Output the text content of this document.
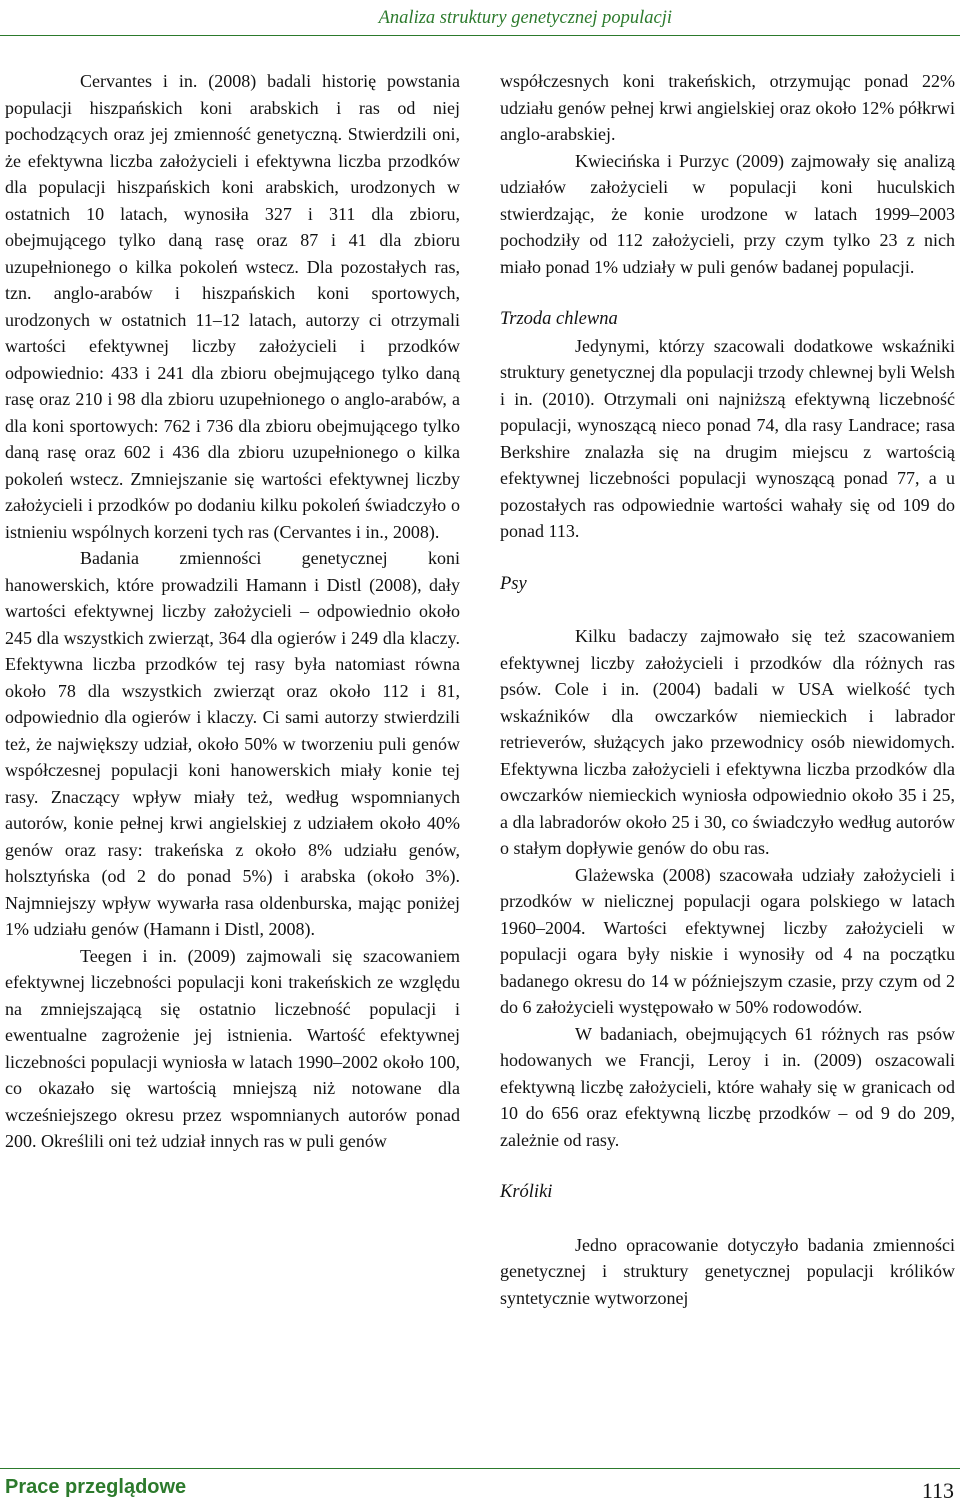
Analiza struktury genetycznej populacji

Cervantes i in. (2008) badali historię powstania populacji hiszpańskich koni arabskich i ras od niej pochodzących oraz jej zmienność genetyczną. Stwierdzili oni, że efektywna liczba założycieli i efektywna liczba przodków dla populacji hiszpańskich koni arabskich, urodzonych w ostatnich 10 latach, wynosiła 327 i 311 dla zbioru, obejmującego tylko daną rasę oraz 87 i 41 dla zbioru uzupełnionego o kilka pokoleń wstecz. Dla pozostałych ras, tzn. anglo-arabów i hiszpańskich koni sportowych, urodzonych w ostatnich 11–12 latach, autorzy ci otrzymali wartości efektywnej liczby założycieli i przodków odpowiednio: 433 i 241 dla zbioru obejmującego tylko daną rasę oraz 210 i 98 dla zbioru uzupełnionego o anglo-arabów, a dla koni sportowych: 762 i 736 dla zbioru obejmującego tylko daną rasę oraz 602 i 436 dla zbioru uzupełnionego o kilka pokoleń wstecz. Zmniejszanie się wartości efektywnej liczby założycieli i przodków po dodaniu kilku pokoleń świadczyło o istnieniu wspólnych korzeni tych ras (Cervantes i in., 2008).

Badania zmienności genetycznej koni hanowerskich, które prowadzili Hamann i Distl (2008), dały wartości efektywnej liczby założycieli – odpowiednio około 245 dla wszystkich zwierząt, 364 dla ogierów i 249 dla klaczy. Efektywna liczba przodków tej rasy była natomiast równa około 78 dla wszystkich zwierząt oraz około 112 i 81, odpowiednio dla ogierów i klaczy. Ci sami autorzy stwierdzili też, że największy udział, około 50% w tworzeniu puli genów współczesnej populacji koni hanowerskich miały konie tej rasy. Znaczący wpływ miały też, według wspomnianych autorów, konie pełnej krwi angielskiej z udziałem około 40% genów oraz rasy: trakeńska z około 8% udziału genów, holsztyńska (od 2 do ponad 5%) i arabska (około 3%). Najmniejszy wpływ wywarła rasa oldenburska, mając poniżej 1% udziału genów (Hamann i Distl, 2008).

Teegen i in. (2009) zajmowali się szacowaniem efektywnej liczebności populacji koni trakeńskich ze względu na zmniejszającą się ostatnio liczebność populacji i ewentualne zagrożenie jej istnienia. Wartość efektywnej liczebności populacji wyniosła w latach 1990–2002 około 100, co okazało się wartością mniejszą niż notowane dla wcześniejszego okresu przez wspomnianych autorów ponad 200. Określili oni też udział innych ras w puli genów

współczesnych koni trakeńskich, otrzymując ponad 22% udziału genów pełnej krwi angielskiej oraz około 12% półkrwi anglo-arabskiej.

Kwiecińska i Purzyc (2009) zajmowały się analizą udziałów założycieli w populacji koni huculskich stwierdzając, że konie urodzone w latach 1999–2003 pochodziły od 112 założycieli, przy czym tylko 23 z nich miało ponad 1% udziały w puli genów badanej populacji.

Trzoda chlewna

Jedynymi, którzy szacowali dodatkowe wskaźniki struktury genetycznej dla populacji trzody chlewnej byli Welsh i in. (2010). Otrzymali oni najniższą efektywną liczebność populacji, wynoszącą nieco ponad 74, dla rasy Landrace; rasa Berkshire znalazła się na drugim miejscu z wartością efektywnej liczebności populacji wynoszącą ponad 77, a u pozostałych ras odpowiednie wartości wahały się od 109 do ponad 113.

Psy

Kilku badaczy zajmowało się też szacowaniem efektywnej liczby założycieli i przodków dla różnych ras psów. Cole i in. (2004) badali w USA wielkość tych wskaźników dla owczarków niemieckich i labrador retrieverów, służących jako przewodnicy osób niewidomych. Efektywna liczba założycieli i efektywna liczba przodków dla owczarków niemieckich wyniosła odpowiednio około 35 i 25, a dla labradorów około 25 i 30, co świadczyło według autorów o stałym dopływie genów do obu ras.

Glażewska (2008) szacowała udziały założycieli i przodków w nielicznej populacji ogara polskiego w latach 1960–2004. Wartości efektywnej liczby założycieli w populacji ogara były niskie i wynosiły od 4 na początku badanego okresu do 14 w późniejszym czasie, przy czym od 2 do 6 założycieli występowało w 50% rodowodów.

W badaniach, obejmujących 61 różnych ras psów hodowanych we Francji, Leroy i in. (2009) oszacowali efektywną liczbę założycieli, które wahały się w granicach od 10 do 656 oraz efektywną liczbę przodków – od 9 do 209, zależnie od rasy.

Króliki

Jedno opracowanie dotyczyło badania zmienności genetycznej i struktury genetycznej populacji królików syntetycznie wytworzonej

Prace przeglądowe	113
